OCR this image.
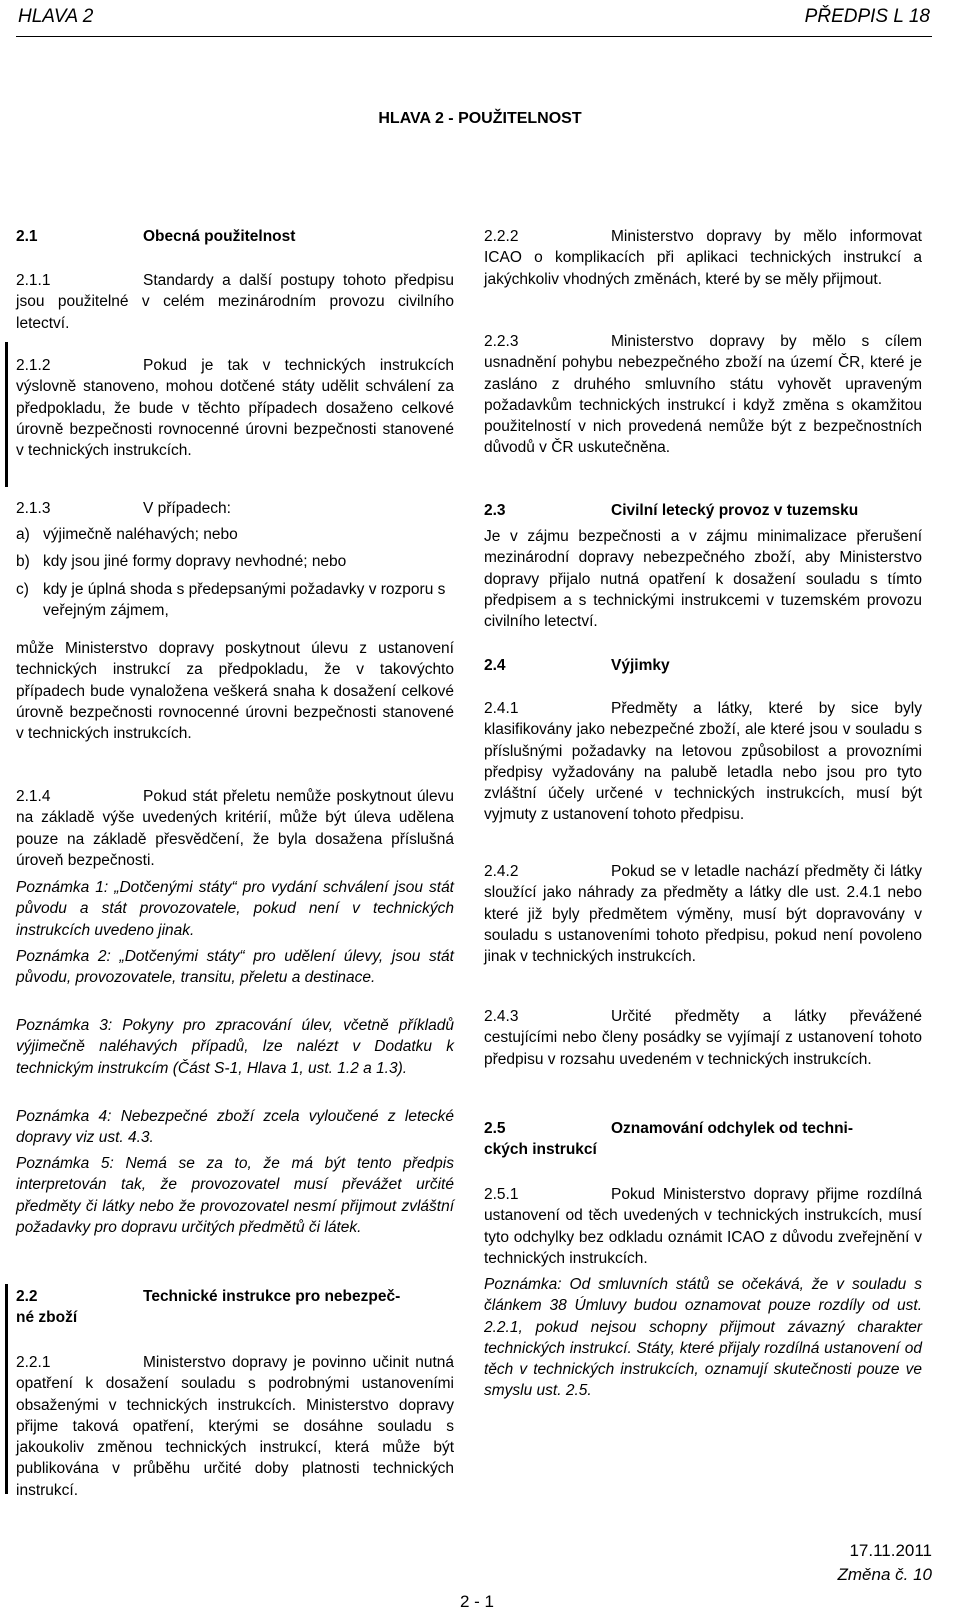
HLAVA 2	PŘEDPIS L 18
HLAVA 2 - POUŽITELNOST

2.1	Obecná použitelnost

2.1.1	Standardy a další postupy tohoto předpisu jsou použitelné v celém mezinárodním provozu civilního letectví.

2.1.2	Pokud je tak v technických instrukcích výslovně stanoveno, mohou dotčené státy udělit schválení za předpokladu, že bude v těchto případech dosaženo celkové úrovně bezpečnosti rovnocenné úrovni bezpečnosti stanovené v technických instrukcích.

2.1.3	V případech:

a) výjimečně naléhavých; nebo
b) kdy jsou jiné formy dopravy nevhodné; nebo
c) kdy je úplná shoda s předepsanými požadavky v rozporu s veřejným zájmem,

může Ministerstvo dopravy poskytnout úlevu z ustanovení technických instrukcí za předpokladu, že v takovýchto případech bude vynaložena veškerá snaha k dosažení celkové úrovně bezpečnosti rovnocenné úrovni bezpečnosti stanovené v technických instrukcích.

2.1.4	Pokud stát přeletu nemůže poskytnout úlevu na základě výše uvedených kritérií, může být úleva udělena pouze na základě přesvědčení, že byla dosažena příslušná úroveň bezpečnosti.

Poznámka 1: „Dotčenými státy“ pro vydání schválení jsou stát původu a stát provozovatele, pokud není v technických instrukcích uvedeno jinak.

Poznámka 2: „Dotčenými státy“ pro udělení úlevy, jsou stát původu, provozovatele, transitu, přeletu a destinace.

Poznámka 3: Pokyny pro zpracování úlev, včetně příkladů výjimečně naléhavých případů, lze nalézt v Dodatku k technickým instrukcím (Část S-1, Hlava 1, ust. 1.2 a 1.3).

Poznámka 4: Nebezpečné zboží zcela vyloučené z letecké dopravy viz ust. 4.3.

Poznámka 5: Nemá se za to, že má být tento předpis interpretován tak, že provozovatel musí převážet určité předměty či látky nebo že provozovatel nesmí přijmout zvláštní požadavky pro dopravu určitých předmětů či látek.

2.2	Technické instrukce pro nebezpeč-
né zboží

2.2.1	Ministerstvo dopravy je povinno učinit nutná opatření k dosažení souladu s podrobnými ustanoveními obsaženými v technických instrukcích. Ministerstvo dopravy přijme taková opatření, kterými se dosáhne souladu s jakoukoliv změnou technických instrukcí, která může být publikována v průběhu určité doby platnosti technických instrukcí.

2.2.2	Ministerstvo dopravy by mělo informovat ICAO o komplikacích při aplikaci technických instrukcí a jakýchkoliv vhodných změnách, které by se měly přijmout.

2.2.3	Ministerstvo dopravy by mělo s cílem usnadnění pohybu nebezpečného zboží na území ČR, které je zasláno z druhého smluvního státu vyhovět upraveným požadavkům technických instrukcí i když změna s okamžitou použitelností v nich provedená nemůže být z bezpečnostních důvodů v ČR uskutečněna.

2.3	Civilní letecký provoz v tuzemsku

Je v zájmu bezpečnosti a v zájmu minimalizace přerušení mezinárodní dopravy nebezpečného zboží, aby Ministerstvo dopravy přijalo nutná opatření k dosažení souladu s tímto předpisem a s technickými instrukcemi v tuzemském provozu civilního letectví.

2.4	Výjimky

2.4.1	Předměty a látky, které by sice byly klasifikovány jako nebezpečné zboží, ale které jsou v souladu s příslušnými požadavky na letovou způsobilost a provozními předpisy vyžadovány na palubě letadla nebo jsou pro tyto zvláštní účely určené v technických instrukcích, musí být vyjmuty z ustanovení tohoto předpisu.

2.4.2	Pokud se v letadle nachází předměty či látky sloužící jako náhrady za předměty a látky dle ust. 2.4.1 nebo které již byly předmětem výměny, musí být dopravovány v souladu s ustanoveními tohoto předpisu, pokud není povoleno jinak v technických instrukcích.

2.4.3	Určité předměty a látky převážené cestujícími nebo členy posádky se vyjímají z ustanovení tohoto předpisu v rozsahu uvedeném v technických instrukcích.

2.5	Oznamování odchylek od techni-
ckých instrukcí

2.5.1	Pokud Ministerstvo dopravy přijme rozdílná ustanovení od těch uvedených v technických instrukcích, musí tyto odchylky bez odkladu oznámit ICAO z důvodu zveřejnění v technických instrukcích.

Poznámka: Od smluvních států se očekává, že v souladu s článkem 38 Úmluvy budou oznamovat pouze rozdíly od ust. 2.2.1, pokud nejsou schopny přijmout závazný charakter technických instrukcí. Státy, které přijaly rozdílná ustanovení od těch v technických instrukcích, oznamují skutečnosti pouze ve smyslu ust. 2.5.

17.11.2011
Změna č. 10
2 - 1
